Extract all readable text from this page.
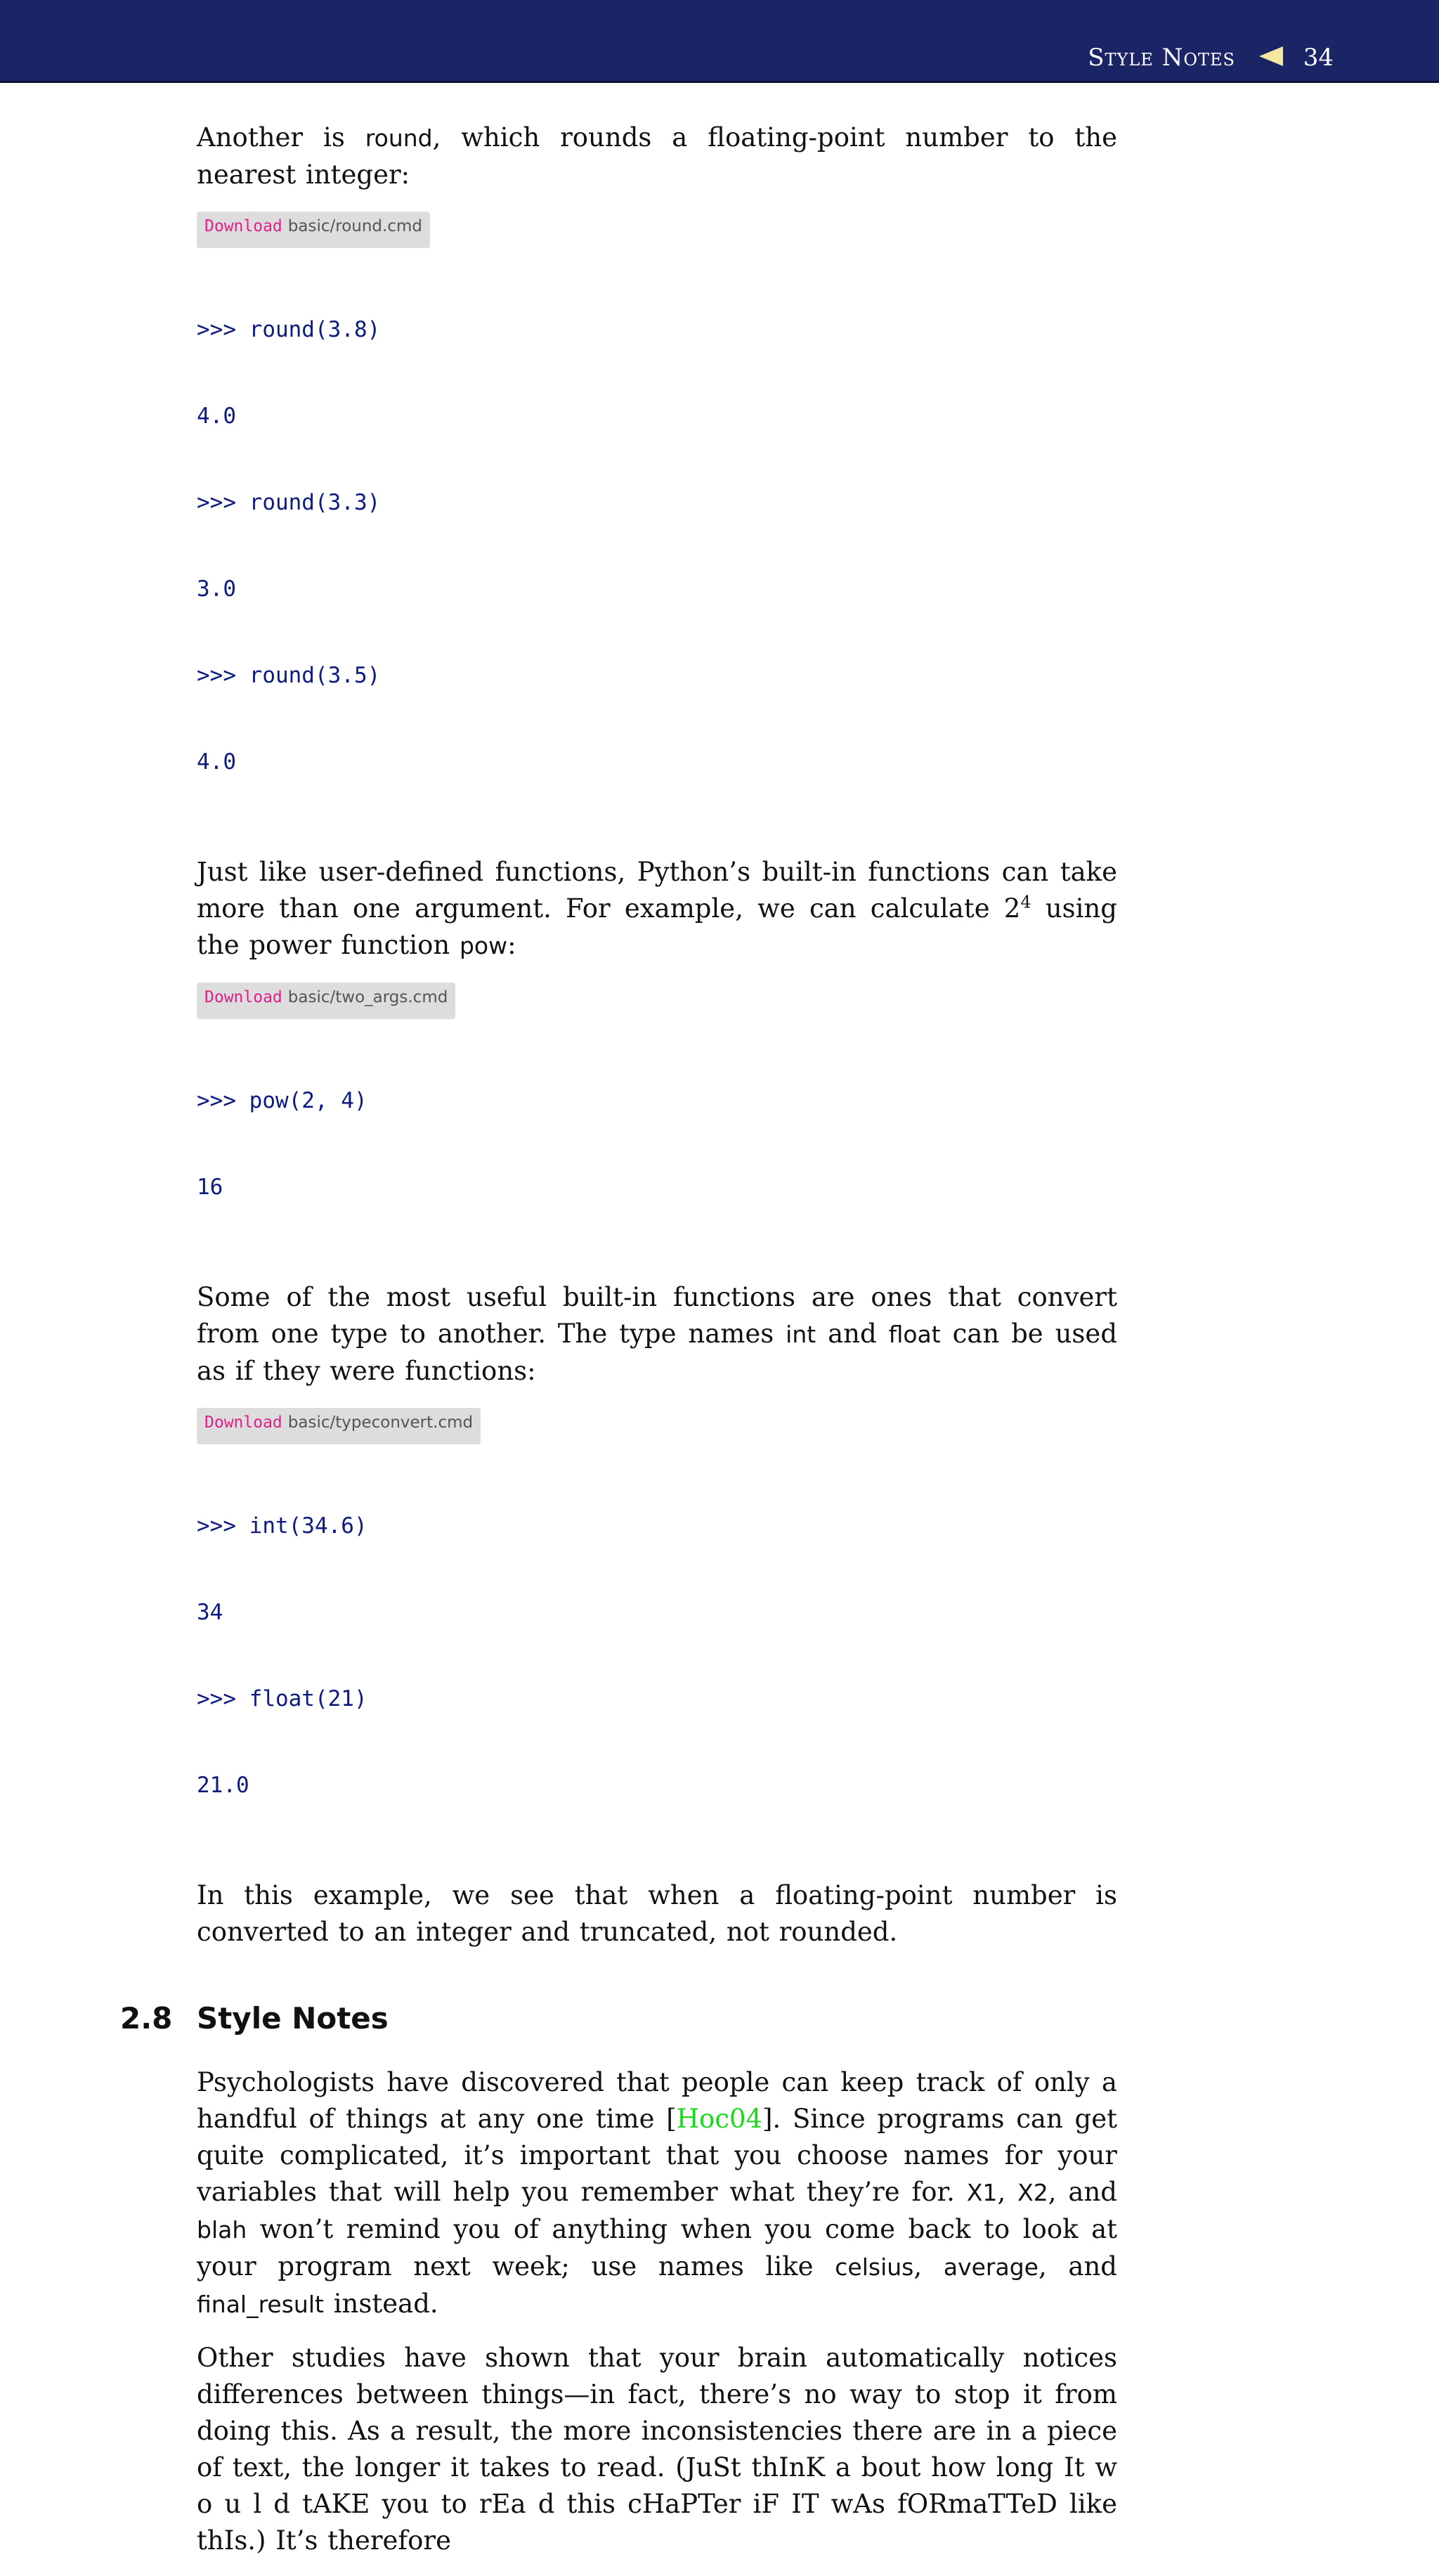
Style Notes	34

Another is round, which rounds a floating-point number to the nearest integer:

Download basic/round.cmd

>>> round(3.8)

4.0

>>> round(3.3)

3.0

>>> round(3.5)

4.0

Just like user-defined functions, Python’s built-in functions can take more than one argument. For example, we can calculate $2^4$ using the power function pow:

Download basic/two_args.cmd

>>> pow(2, 4)

16

Some of the most useful built-in functions are ones that convert from one type to another. The type names int and float can be used as if they were functions:

Download basic/typeconvert.cmd

>>> int(34.6)

34

>>> float(21)

21.0

In this example, we see that when a floating-point number is converted to an integer and truncated, not rounded.

2.8 Style Notes

Psychologists have discovered that people can keep track of only a handful of things at any one time [Hoc04]. Since programs can get quite complicated, it’s important that you choose names for your variables that will help you remember what they’re for. X1, X2, and blah won’t remind you of anything when you come back to look at your program next week; use names like celsius, average, and final_result instead.

Other studies have shown that your brain automatically notices differences between things—in fact, there’s no way to stop it from doing this. As a result, the more inconsistencies there are in a piece of text, the longer it takes to read. (JuSt thInK a bout how long It w o u l d tAKE you to rEa d this cHaPTer iF IT wAs fORmaTTeD like thIs.) It’s therefore
